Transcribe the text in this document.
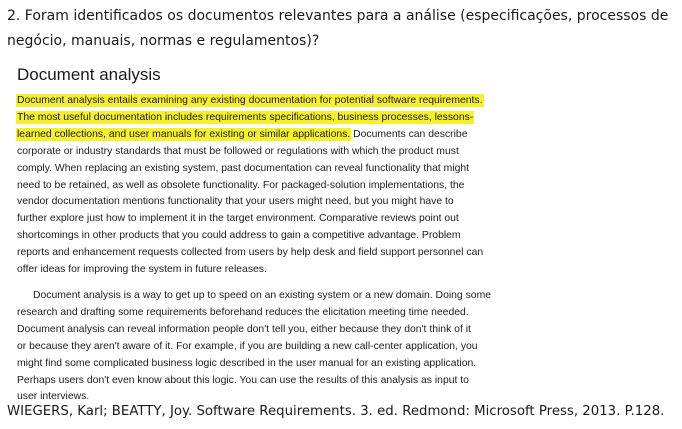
2. Foram identificados os documentos relevantes para a análise (especificações, processos de
negócio, manuais, normas e regulamentos)?

Document analysis
Document analysis entails examining any existing documentation for potential software requirements.
The most useful documentation includes requirements specifications, business processes, lessons-
learned collections, and user manuals for existing or similar applications. Documents can describe
corporate or industry standards that must be followed or regulations with which the product must
comply. When replacing an existing system, past documentation can reveal functionality that might
need to be retained, as well as obsolete functionality. For packaged-solution implementations, the
vendor documentation mentions functionality that your users might need, but you might have to
further explore just how to implement it in the target environment. Comparative reviews point out
shortcomings in other products that you could address to gain a competitive advantage. Problem
reports and enhancement requests collected from users by help desk and field support personnel can
offer ideas for improving the system in future releases.
Document analysis is a way to get up to speed on an existing system or a new domain. Doing some
research and drafting some requirements beforehand reduces the elicitation meeting time needed.
Document analysis can reveal information people don't tell you, either because they don't think of it
or because they aren't aware of it. For example, if you are building a new call-center application, you
might find some complicated business logic described in the user manual for an existing application.
Perhaps users don't even know about this logic. You can use the results of this analysis as input to
user interviews.

WIEGERS, Karl; BEATTY, Joy. Software Requirements. 3. ed. Redmond: Microsoft Press, 2013. P.128.
